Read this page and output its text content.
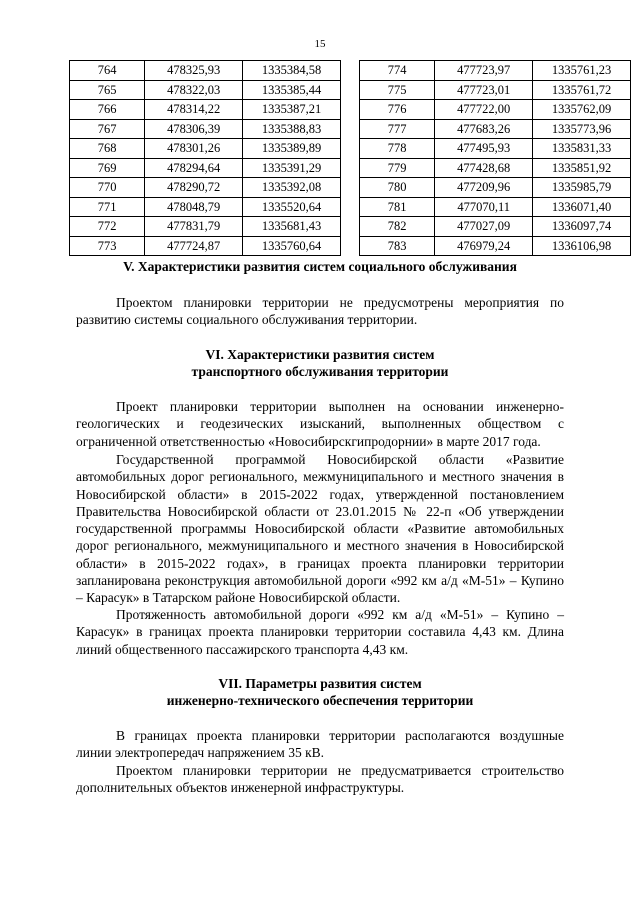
15
764	478325,93	1335384,58
765	478322,03	1335385,44
766	478314,22	1335387,21
767	478306,39	1335388,83
768	478301,26	1335389,89
769	478294,64	1335391,29
770	478290,72	1335392,08
771	478048,79	1335520,64
772	477831,79	1335681,43
773	477724,87	1335760,64
774	477723,97	1335761,23
775	477723,01	1335761,72
776	477722,00	1335762,09
777	477683,26	1335773,96
778	477495,93	1335831,33
779	477428,68	1335851,92
780	477209,96	1335985,79
781	477070,11	1336071,40
782	477027,09	1336097,74
783	476979,24	1336106,98
V. Характеристики развития систем социального обслуживания

Проектом планировки территории не предусмотрены мероприятия по развитию системы социального обслуживания территории.

VI. Характеристики развития систем
транспортного обслуживания территории

Проект планировки территории выполнен на основании инженерно-геологических и геодезических изысканий, выполненных обществом с ограниченной ответственностью «Новосибирскгипродорнии» в марте 2017 года.

Государственной программой Новосибирской области «Развитие автомобильных дорог регионального, межмуниципального и местного значения в Новосибирской области» в 2015-2022 годах, утвержденной постановлением Правительства Новосибирской области от 23.01.2015 № 22-п «Об утверждении государственной программы Новосибирской области «Развитие автомобильных дорог регионального, межмуниципального и местного значения в Новосибирской области» в 2015-2022 годах», в границах проекта планировки территории запланирована реконструкция автомобильной дороги «992 км а/д «М-51» – Купино – Карасук» в Татарском районе Новосибирской области.

Протяженность автомобильной дороги «992 км а/д «М-51» – Купино – Карасук» в границах проекта планировки территории составила 4,43 км. Длина линий общественного пассажирского транспорта 4,43 км.

VII. Параметры развития систем
инженерно-технического обеспечения территории

В границах проекта планировки территории располагаются воздушные линии электропередач напряжением 35 кВ.

Проектом планировки территории не предусматривается строительство дополнительных объектов инженерной инфраструктуры.
